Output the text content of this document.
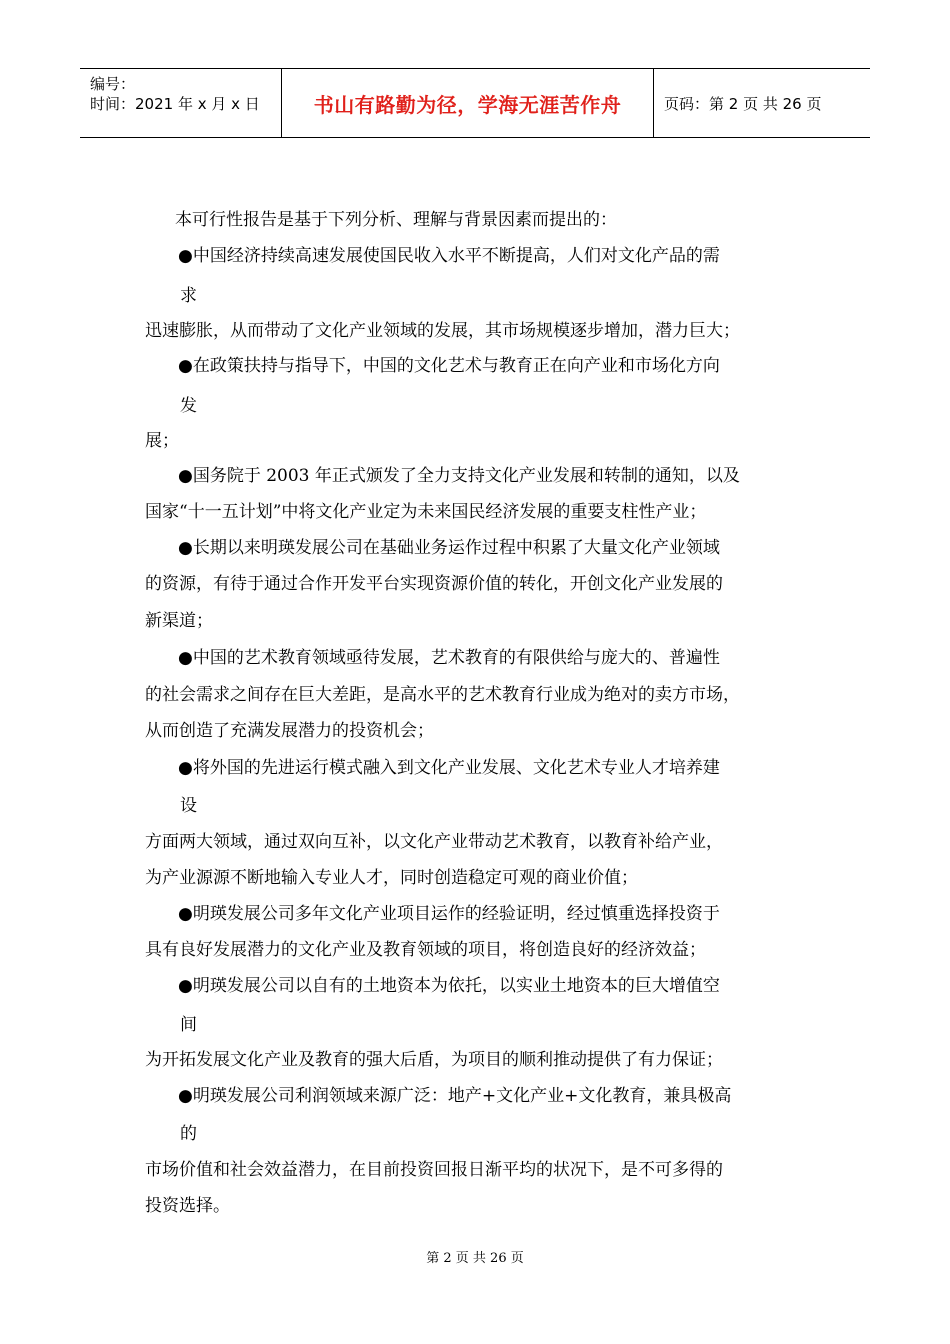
编号：
时间：2021 年 x 月 x 日	书山有路勤为径，学海无涯苦作舟	页码：第 2 页 共 26 页
本可行性报告是基于下列分析、理解与背景因素而提出的：
●中国经济持续高速发展使国民收入水平不断提高，人们对文化产品的需
求
迅速膨胀，从而带动了文化产业领域的发展，其市场规模逐步增加，潜力巨大；
●在政策扶持与指导下，中国的文化艺术与教育正在向产业和市场化方向
发
展；
●国务院于 2003 年正式颁发了全力支持文化产业发展和转制的通知，以及
国家“十一五计划”中将文化产业定为未来国民经济发展的重要支柱性产业；
●长期以来明瑛发展公司在基础业务运作过程中积累了大量文化产业领域
的资源，有待于通过合作开发平台实现资源价值的转化，开创文化产业发展的
新渠道；
●中国的艺术教育领域亟待发展，艺术教育的有限供给与庞大的、普遍性
的社会需求之间存在巨大差距，是高水平的艺术教育行业成为绝对的卖方市场，
从而创造了充满发展潜力的投资机会；
●将外国的先进运行模式融入到文化产业发展、文化艺术专业人才培养建
设
方面两大领域，通过双向互补，以文化产业带动艺术教育，以教育补给产业，
为产业源源不断地输入专业人才，同时创造稳定可观的商业价值；
●明瑛发展公司多年文化产业项目运作的经验证明，经过慎重选择投资于
具有良好发展潜力的文化产业及教育领域的项目，将创造良好的经济效益；
●明瑛发展公司以自有的土地资本为依托，以实业土地资本的巨大增值空
间
为开拓发展文化产业及教育的强大后盾，为项目的顺利推动提供了有力保证；
●明瑛发展公司利润领域来源广泛：地产+文化产业+文化教育，兼具极高
的
市场价值和社会效益潜力，在目前投资回报日渐平均的状况下，是不可多得的
投资选择。
第 2 页 共 26 页
